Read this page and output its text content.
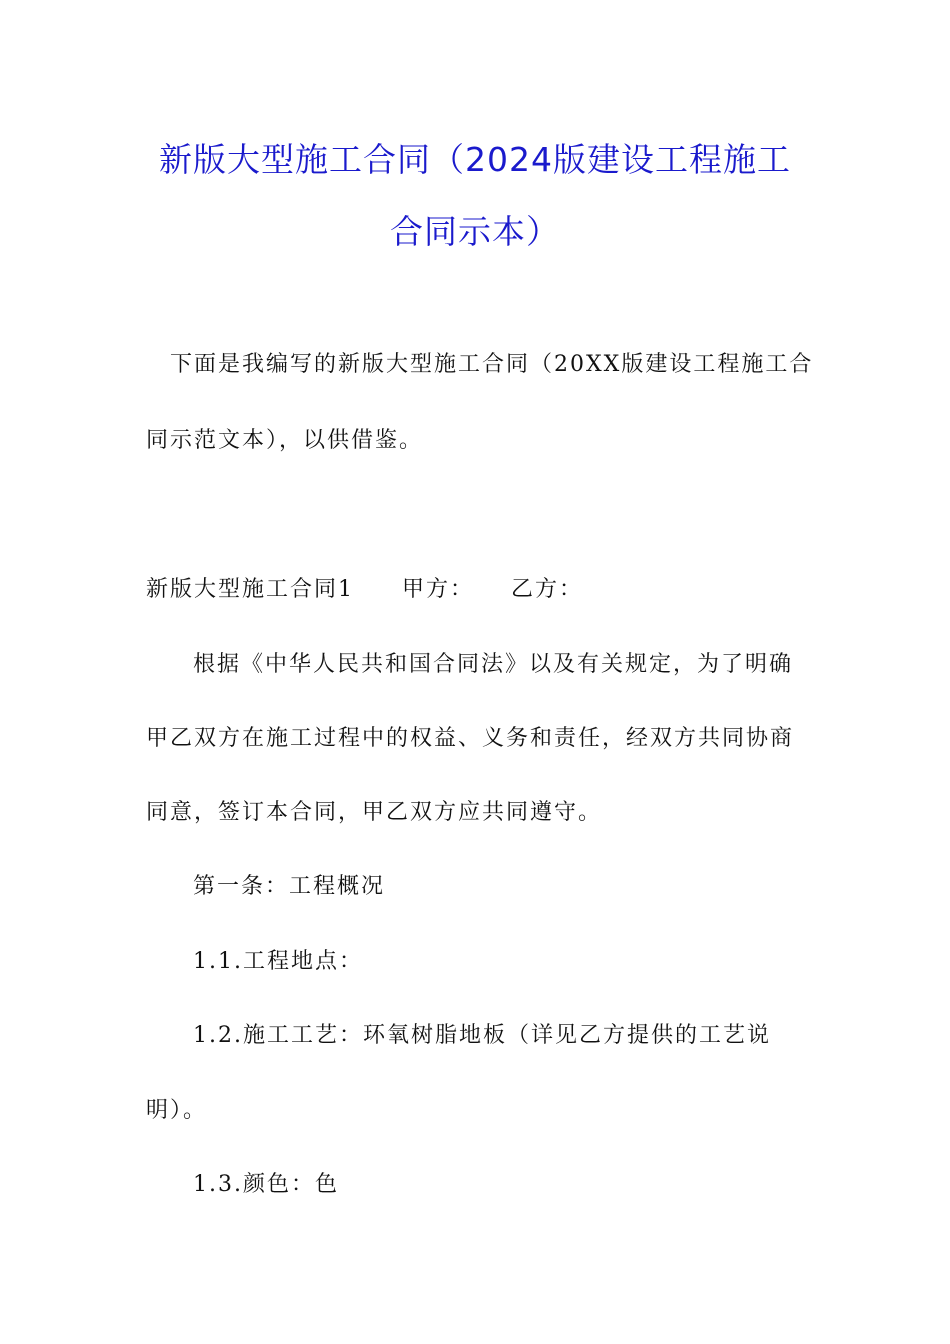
新版大型施工合同（2024版建设工程施工
合同示本）
下面是我编写的新版大型施工合同（20XX版建设工程施工合
同示范文本），以供借鉴。
新版大型施工合同1　　甲方：　　乙方：
根据《中华人民共和国合同法》以及有关规定，为了明确
甲乙双方在施工过程中的权益、义务和责任，经双方共同协商
同意，签订本合同，甲乙双方应共同遵守。
第一条：工程概况
1.1.工程地点：
1.2.施工工艺：环氧树脂地板（详见乙方提供的工艺说
明）。
1.3.颜色：色
